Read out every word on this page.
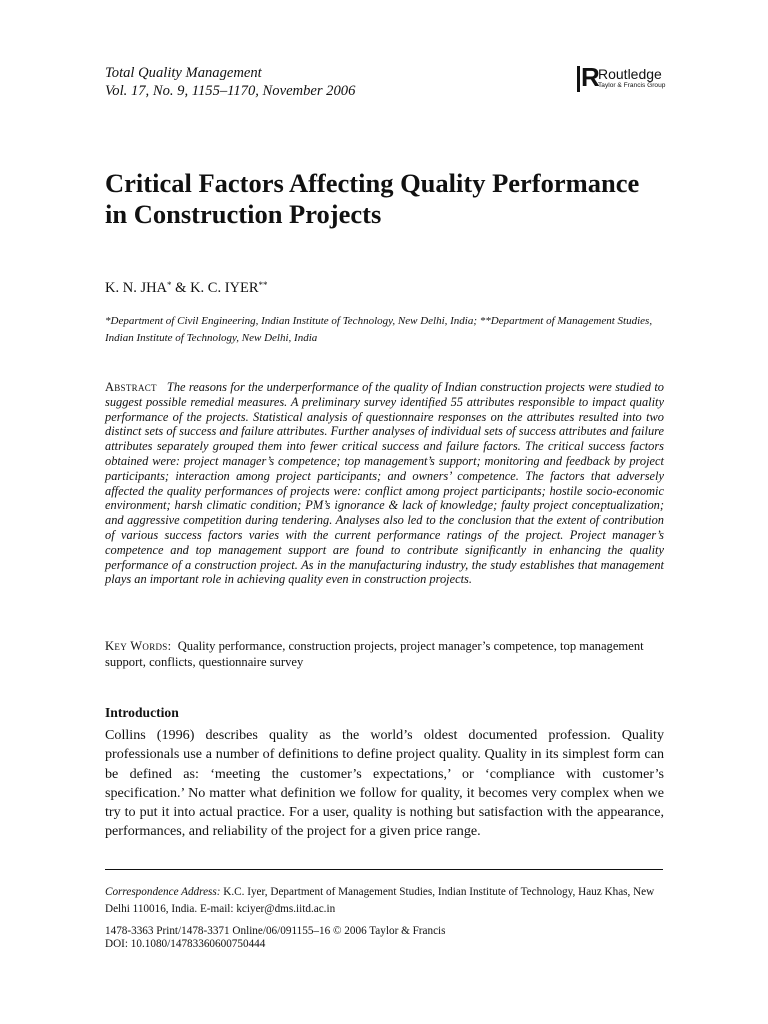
Total Quality Management
Vol. 17, No. 9, 1155–1170, November 2006	R
Routledge
Taylor & Francis Group
Critical Factors Affecting Quality Performance in Construction Projects
K. N. JHA* & K. C. IYER**
*Department of Civil Engineering, Indian Institute of Technology, New Delhi, India; **Department of Management Studies, Indian Institute of Technology, New Delhi, India
Abstract The reasons for the underperformance of the quality of Indian construction projects were studied to suggest possible remedial measures. A preliminary survey identified 55 attributes responsible to impact quality performance of the projects. Statistical analysis of questionnaire responses on the attributes resulted into two distinct sets of success and failure attributes. Further analyses of individual sets of success attributes and failure attributes separately grouped them into fewer critical success and failure factors. The critical success factors obtained were: project manager’s competence; top management’s support; monitoring and feedback by project participants; interaction among project participants; and owners’ competence. The factors that adversely affected the quality performances of projects were: conflict among project participants; hostile socio-economic environment; harsh climatic condition; PM’s ignorance & lack of knowledge; faulty project conceptualization; and aggressive competition during tendering. Analyses also led to the conclusion that the extent of contribution of various success factors varies with the current performance ratings of the project. Project manager’s competence and top management support are found to contribute significantly in enhancing the quality performance of a construction project. As in the manufacturing industry, the study establishes that management plays an important role in achieving quality even in construction projects.
Key Words: Quality performance, construction projects, project manager’s competence, top management support, conflicts, questionnaire survey
Introduction

Collins (1996) describes quality as the world’s oldest documented profession. Quality professionals use a number of definitions to define project quality. Quality in its simplest form can be defined as: ‘meeting the customer’s expectations,’ or ‘compliance with customer’s specification.’ No matter what definition we follow for quality, it becomes very complex when we try to put it into actual practice. For a user, quality is nothing but satisfaction with the appearance, performances, and reliability of the project for a given price range.

Correspondence Address: K.C. Iyer, Department of Management Studies, Indian Institute of Technology, Hauz Khas, New Delhi 110016, India. E-mail: kciyer@dms.iitd.ac.in
1478-3363 Print/1478-3371 Online/06/091155–16 © 2006 Taylor & Francis
DOI: 10.1080/14783360600750444
